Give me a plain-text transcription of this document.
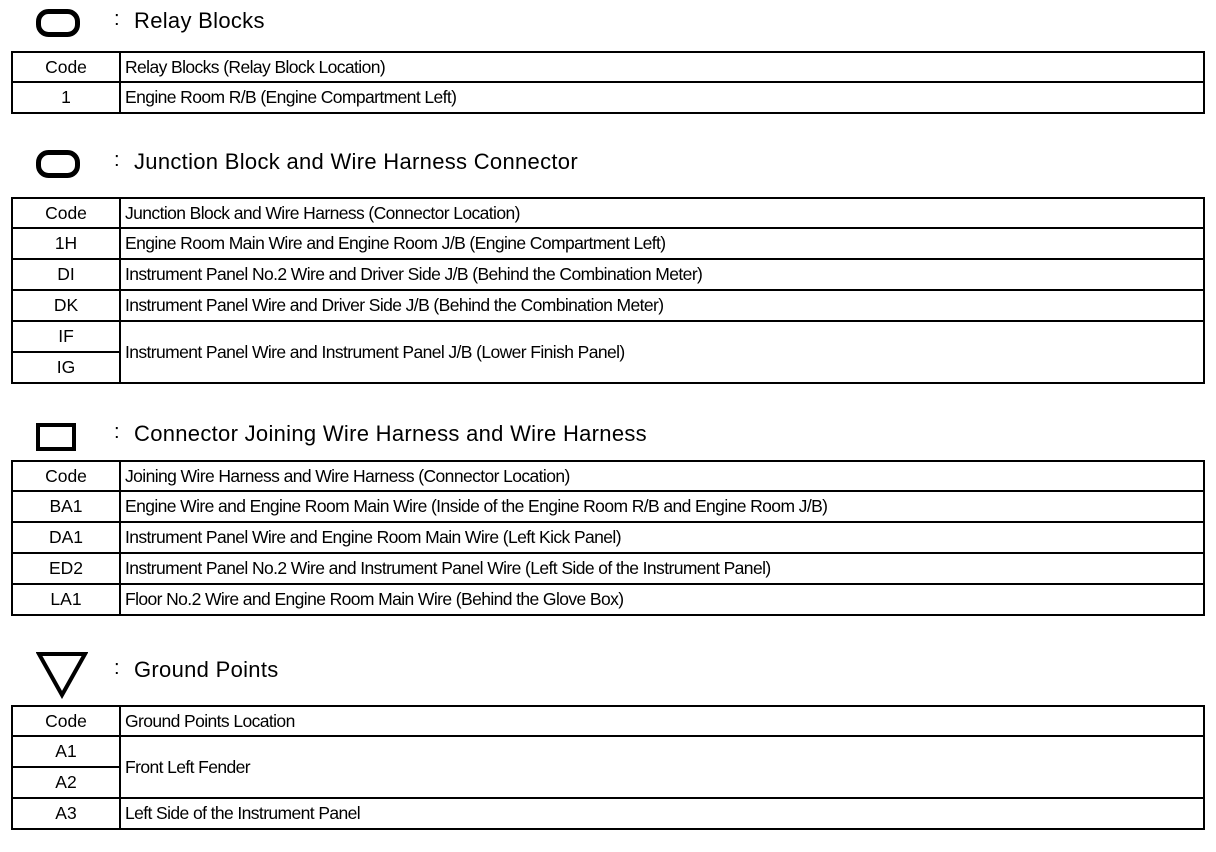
: Relay Blocks
Code	Relay Blocks (Relay Block Location)
1	Engine Room R/B (Engine Compartment Left)
: Junction Block and Wire Harness Connector
Code	Junction Block and Wire Harness (Connector Location)
1H	Engine Room Main Wire and Engine Room J/B (Engine Compartment Left)
DI	Instrument Panel No.2 Wire and Driver Side J/B (Behind the Combination Meter)
DK	Instrument Panel Wire and Driver Side J/B (Behind the Combination Meter)
IF	Instrument Panel Wire and Instrument Panel J/B (Lower Finish Panel)
IG	
: Connector Joining Wire Harness and Wire Harness
Code	Joining Wire Harness and Wire Harness (Connector Location)
BA1	Engine Wire and Engine Room Main Wire (Inside of the Engine Room R/B and Engine Room J/B)
DA1	Instrument Panel Wire and Engine Room Main Wire (Left Kick Panel)
ED2	Instrument Panel No.2 Wire and Instrument Panel Wire (Left Side of the Instrument Panel)
LA1	Floor No.2 Wire and Engine Room Main Wire (Behind the Glove Box)
: Ground Points
Code	Ground Points Location
A1	Front Left Fender
A2	
A3	Left Side of the Instrument Panel
